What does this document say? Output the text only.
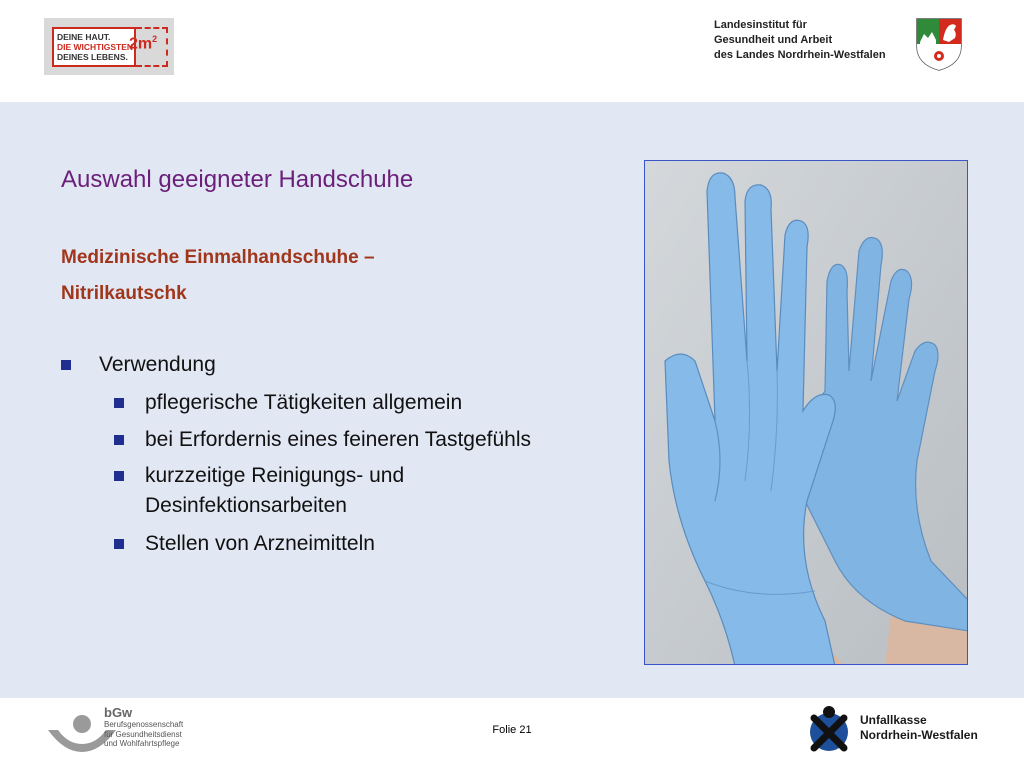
DEINE HAUT.
DIE WICHTIGSTEN
DEINES LEBENS.
$2m^2$
Landesinstitut für
Gesundheit und Arbeit
des Landes Nordrhein-Westfalen
Auswahl geeigneter Handschuhe
Medizinische Einmalhandschuhe –
Nitrilkautschk
Verwendung
pflegerische Tätigkeiten allgemein
bei Erfordernis eines feineren Tastgefühls
kurzzeitige Reinigungs- und
Desinfektionsarbeiten
Stellen von Arzneimitteln
Folie 21
bGw
Berufsgenossenschaft
für Gesundheitsdienst
und Wohlfahrtspflege
Unfallkasse
Nordrhein-Westfalen
